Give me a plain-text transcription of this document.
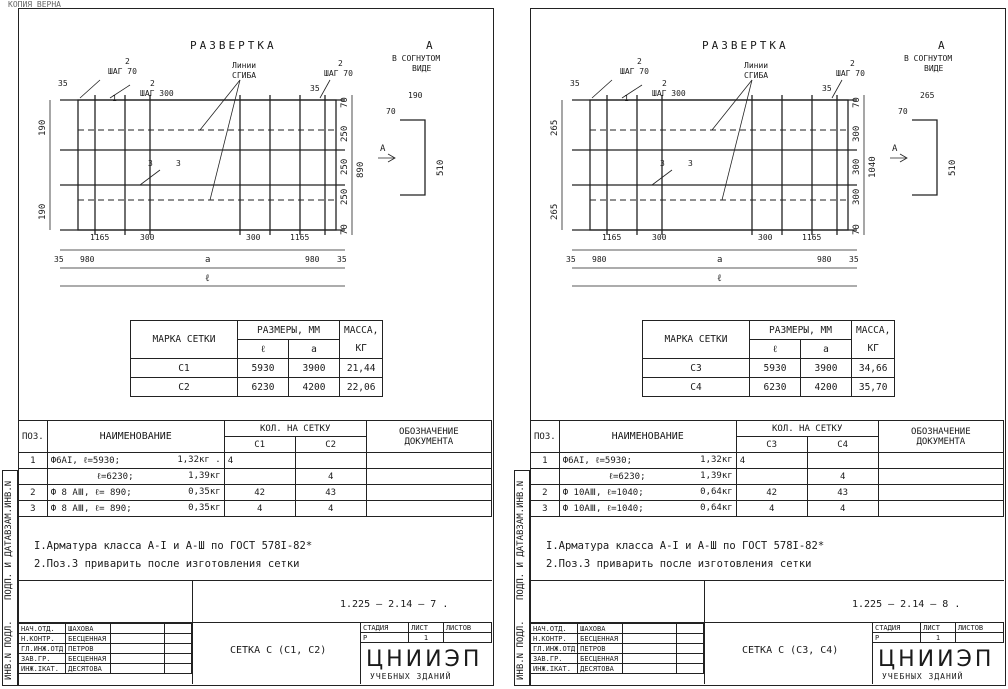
КОПИЯ ВЕРНА
ИНВ.N ПОДЛ.
ПОДП. И ДАТА
ВЗАМ.ИНВ.N
РАЗВЕРТКА	А
В СОГНУТОМ
ВИДЕ
Линии
СГИБА
2
ШАГ 70
2
ШАГ 300
2
ШАГ 70
35
35
1
3	3
1165	300	300	1165
35 980	a	980 35
ℓ
190
190
70
250
250
250
70
890
190
70
510
A
МАРКА СЕТКИ	РАЗМЕРЫ, ММ		МАССА,
	ℓ	a	КГ
С1	5930	3900	21,44
С2	6230	4200	22,06
ПОЗ.	НАИМЕНОВАНИЕ	КОЛ. НА СЕТКУ		ОБОЗНАЧЕНИЕ
ДОКУМЕНТА
		С1	С2	
1	Ф6АI, ℓ=5930; 1,32кг .	4		
	ℓ=6230; 1,39кг		4	
2	Ф 8 АⅢ, ℓ= 890; 0,35кг	42	43	
3	Ф 8 АⅢ, ℓ= 890; 0,35кг	4	4	
I.Арматура класса А-I и А-Ш по ГОСТ 578I-82*
2.Поз.3 приварить после изготовления сетки
1.225 – 2.14 – 7 .
НАЧ.ОТД.	ШАХОВА		
Н.КОНТР.	БЕСЦЕННАЯ		
ГЛ.ИНЖ.ОТД	ПЕТРОВ		
ЗАВ.ГР.	БЕСЦЕННАЯ		
ИНЖ.IКАТ.	ДЕСЯТОВА		
СЕТКА С (С1, С2)
СТАДИЯ	ЛИСТ	ЛИСТОВ
Р	1	
ЦНИИЭП
УЧЕБНЫХ ЗДАНИЙ	ИНВ.N ПОДЛ.
ПОДП. И ДАТА
ВЗАМ.ИНВ.N
РАЗВЕРТКА	А
В СОГНУТОМ
ВИДЕ
Линии
СГИБА
2
ШАГ 70
2
ШАГ 300
2
ШАГ 70
35
35
1
3	3
1165	300	300	1165
35 980	a	980 35
ℓ
265
265
70
300
300
300
70
1040
265
70
510
A
МАРКА СЕТКИ	РАЗМЕРЫ, ММ		МАССА,
	ℓ	a	КГ
С3	5930	3900	34,66
С4	6230	4200	35,70
ПОЗ.	НАИМЕНОВАНИЕ	КОЛ. НА СЕТКУ		ОБОЗНАЧЕНИЕ
ДОКУМЕНТА
		С3	С4	
1	Ф6АI, ℓ=5930; 1,32кг	4		
	ℓ=6230; 1,39кг		4	
2	Ф 10АⅢ, ℓ=1040; 0,64кг	42	43	
3	Ф 10АⅢ, ℓ=1040; 0,64кг	4	4	
I.Арматура класса А-I и А-Ш по ГОСТ 578I-82*
2.Поз.3 приварить после изготовления сетки
1.225 – 2.14 – 8 .
НАЧ.ОТД.	ШАХОВА		
Н.КОНТР.	БЕСЦЕННАЯ		
ГЛ.ИНЖ.ОТД	ПЕТРОВ		
ЗАВ.ГР.	БЕСЦЕННАЯ		
ИНЖ.IКАТ.	ДЕСЯТОВА		
СЕТКА С (С3, С4)
СТАДИЯ	ЛИСТ	ЛИСТОВ
Р	1	
ЦНИИЭП
УЧЕБНЫХ ЗДАНИЙ
